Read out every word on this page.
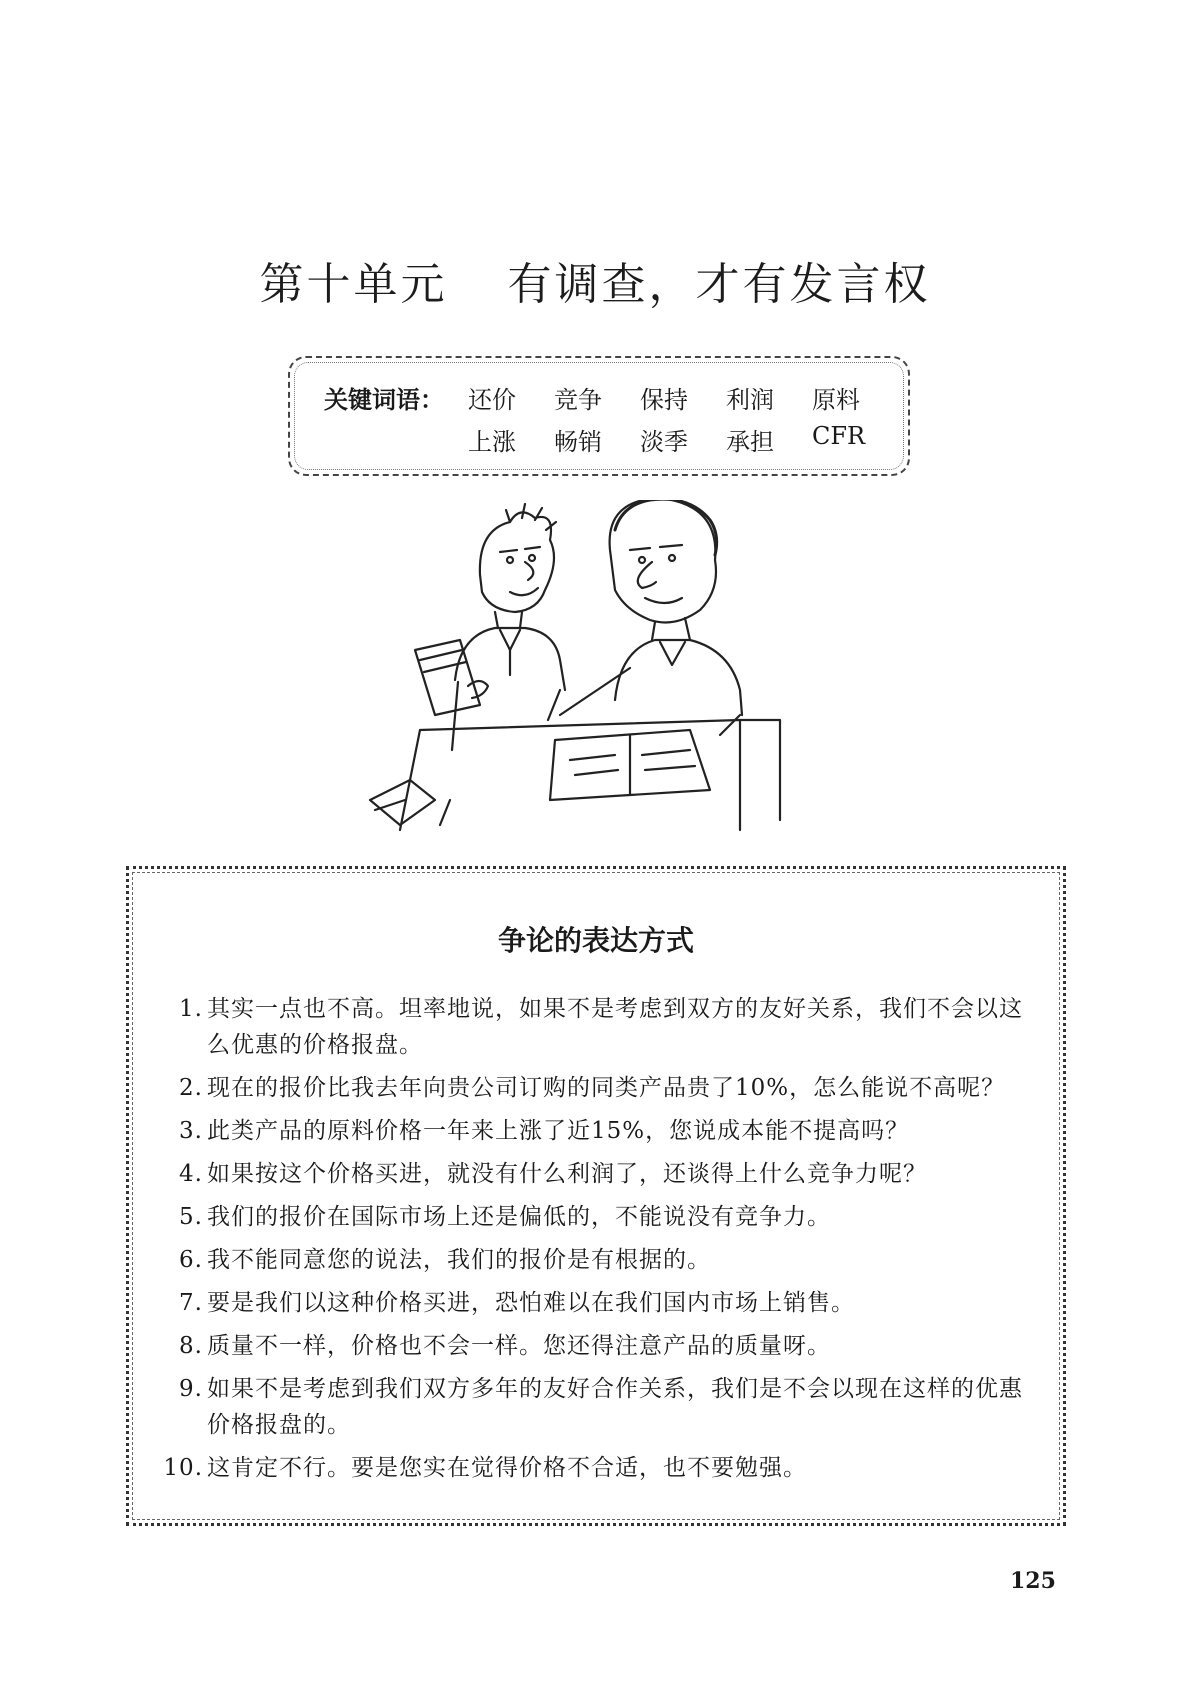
第十单元 有调查，才有发言权
关键词语： 还价	竞争	保持	利润	原料
上涨	畅销	淡季	承担	CFR
争论的表达方式
1. 其实一点也不高。坦率地说，如果不是考虑到双方的友好关系，我们不会以这么优惠的价格报盘。
2. 现在的报价比我去年向贵公司订购的同类产品贵了10%，怎么能说不高呢？
3. 此类产品的原料价格一年来上涨了近15%，您说成本能不提高吗？
4. 如果按这个价格买进，就没有什么利润了，还谈得上什么竞争力呢？
5. 我们的报价在国际市场上还是偏低的，不能说没有竞争力。
6. 我不能同意您的说法，我们的报价是有根据的。
7. 要是我们以这种价格买进，恐怕难以在我们国内市场上销售。
8. 质量不一样，价格也不会一样。您还得注意产品的质量呀。
9. 如果不是考虑到我们双方多年的友好合作关系，我们是不会以现在这样的优惠价格报盘的。
10. 这肯定不行。要是您实在觉得价格不合适，也不要勉强。
125
